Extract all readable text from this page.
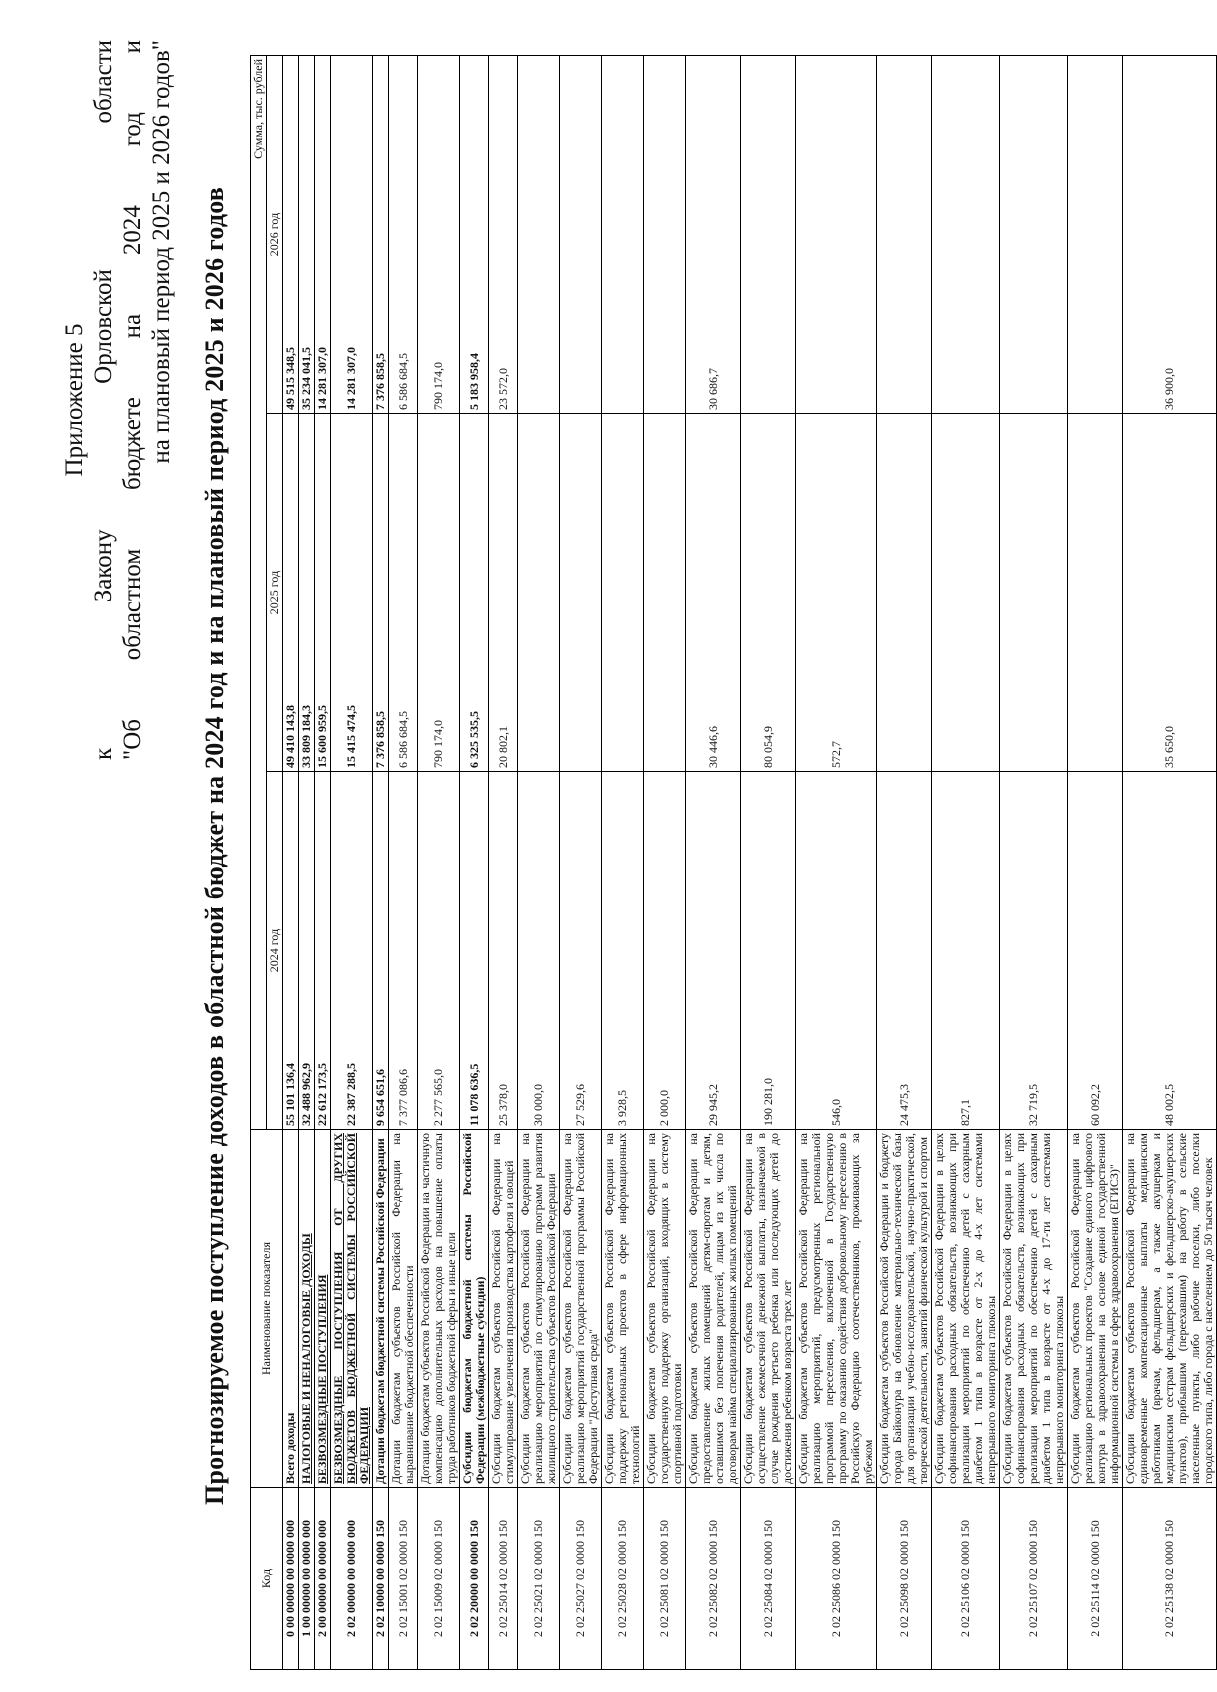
Приложение 5
к Закону Орловской области "Об областном бюджете на 2024 год и на плановый период 2025 и 2026 годов" Прогнозируемое поступление доходов в областной бюджет на 2024 год и на плановый период 2025 и 2026 годов
Код	Наименование показателя	Сумма, тыс. рублей		
		2024 год	2025 год	2026 год
0 00 00000 00 0000 000	Всего доходы	55 101 136,4	49 410 143,8	49 515 348,5
1 00 00000 00 0000 000	НАЛОГОВЫЕ И НЕНАЛОГОВЫЕ ДОХОДЫ	32 488 962,9	33 809 184,3	35 234 041,5
2 00 00000 00 0000 000	БЕЗВОЗМЕЗДНЫЕ ПОСТУПЛЕНИЯ	22 612 173,5	15 600 959,5	14 281 307,0
2 02 00000 00 0000 000	БЕЗВОЗМЕЗДНЫЕ ПОСТУПЛЕНИЯ ОТ ДРУГИХ БЮДЖЕТОВ БЮДЖЕТНОЙ СИСТЕМЫ РОССИЙСКОЙ ФЕДЕРАЦИИ	22 387 288,5	15 415 474,5	14 281 307,0
2 02 10000 00 0000 150	Дотации бюджетам бюджетной системы Российской Федерации	9 654 651,6	7 376 858,5	7 376 858,5
2 02 15001 02 0000 150	Дотации бюджетам субъектов Российской Федерации на выравнивание бюджетной обеспеченности	7 377 086,6	6 586 684,5	6 586 684,5
2 02 15009 02 0000 150	Дотации бюджетам субъектов Российской Федерации на частичную компенсацию дополнительных расходов на повышение оплаты труда работников бюджетной сферы и иные цели	2 277 565,0	790 174,0	790 174,0
2 02 20000 00 0000 150	Субсидии бюджетам бюджетной системы Российской Федерации (межбюджетные субсидии)	11 078 636,5	6 325 535,5	5 183 958,4
2 02 25014 02 0000 150	Субсидии бюджетам субъектов Российской Федерации на стимулирование увеличения производства картофеля и овощей	25 378,0	20 802,1	23 572,0
2 02 25021 02 0000 150	Субсидии бюджетам субъектов Российской Федерации на реализацию мероприятий по стимулированию программ развития жилищного строительства субъектов Российской Федерации	30 000,0		
2 02 25027 02 0000 150	Субсидии бюджетам субъектов Российской Федерации на реализацию мероприятий государственной программы Российской Федерации "Доступная среда"	27 529,6		
2 02 25028 02 0000 150	Субсидии бюджетам субъектов Российской Федерации на поддержку региональных проектов в сфере информационных технологий	3 928,5		
2 02 25081 02 0000 150	Субсидии бюджетам субъектов Российской Федерации на государственную поддержку организаций, входящих в систему спортивной подготовки	2 000,0		
2 02 25082 02 0000 150	Субсидии бюджетам субъектов Российской Федерации на предоставление жилых помещений детям-сиротам и детям, оставшимся без попечения родителей, лицам из их числа по договорам найма специализированных жилых помещений	29 945,2	30 446,6	30 686,7
2 02 25084 02 0000 150	Субсидии бюджетам субъектов Российской Федерации на осуществление ежемесячной денежной выплаты, назначаемой в случае рождения третьего ребенка или последующих детей до достижения ребенком возраста трех лет	190 281,0	80 054,9	
2 02 25086 02 0000 150	Субсидии бюджетам субъектов Российской Федерации на реализацию мероприятий, предусмотренных региональной программой переселения, включенной в Государственную программу по оказанию содействия добровольному переселению в Российскую Федерацию соотечественников, проживающих за рубежом	546,0	572,7	
2 02 25098 02 0000 150	Субсидии бюджетам субъектов Российской Федерации и бюджету города Байконура на обновление материально-технической базы для организации учебно-исследовательской, научно-практической, творческой деятельности, занятий физической культурой и спортом	24 475,3		
2 02 25106 02 0000 150	Субсидии бюджетам субъектов Российской Федерации в целях софинансирования расходных обязательств, возникающих при реализации мероприятий по обеспечению детей с сахарным диабетом 1 типа в возрасте от 2-х до 4-х лет системами непрерывного мониторинга глюкозы	827,1		
2 02 25107 02 0000 150	Субсидии бюджетам субъектов Российской Федерации в целях софинансирования расходных обязательств, возникающих при реализации мероприятий по обеспечению детей с сахарным диабетом 1 типа в возрасте от 4-х до 17-ти лет системами непрерывного мониторинга глюкозы	32 719,5		
2 02 25114 02 0000 150	Субсидии бюджетам субъектов Российской Федерации на реализацию региональных проектов "Создание единого цифрового контура в здравоохранении на основе единой государственной информационной системы в сфере здравоохранения (ЕГИСЗ)"	60 092,2		
2 02 25138 02 0000 150	Субсидии бюджетам субъектов Российской Федерации на единовременные компенсационные выплаты медицинским работникам (врачам, фельдшерам, а также акушеркам и медицинским сестрам фельдшерских и фельдшерско-акушерских пунктов), прибывшим (переехавшим) на работу в сельские населенные пункты, либо рабочие поселки, либо поселки городского типа, либо города с населением до 50 тысяч человек	48 002,5	35 650,0	36 900,0
